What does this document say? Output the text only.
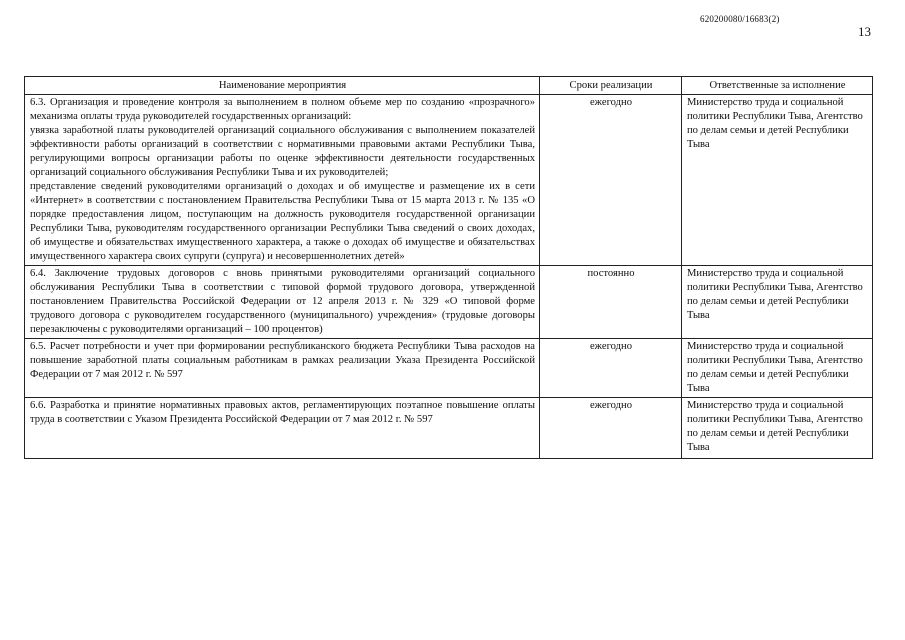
620200080/16683(2)
13
Наименование мероприятия	Сроки реализации	Ответственные за исполнение

6.3. Организация и проведение контроля за выполнением в полном объеме мер по созданию «прозрачного» механизма оплаты труда руководителей государственных организаций:
увязка заработной платы руководителей организаций социального обслуживания с выполнением показателей эффективности работы организаций в соответствии с нормативными правовыми актами Республики Тыва, регулирующими вопросы организации работы по оценке эффективности деятельности государственных организаций социального обслуживания Республики Тыва и их руководителей;
представление сведений руководителями организаций о доходах и об имуществе и размещение их в сети «Интернет» в соответствии с постановлением Правительства Республики Тыва от 15 марта 2013 г. № 135 «О порядке предоставления лицом, поступающим на должность руководителя государственной организации Республики Тыва, руководителям государственного организации Республики Тыва сведений о своих доходах, об имуществе и обязательствах имущественного характера, а также о доходах об имуществе и обязательствах имущественного характера своих супруги (супруга) и несовершеннолетних детей»	ежегодно	Министерство труда и социальной политики Республики Тыва, Агентство по делам семьи и детей Республики Тыва

6.4. Заключение трудовых договоров с вновь принятыми руководителями организаций социального обслуживания Республики Тыва в соответствии с типовой формой трудового договора, утвержденной постановлением Правительства Российской Федерации от 12 апреля 2013 г. № 329 «О типовой форме трудового договора с руководителем государственного (муниципального) учреждения» (трудовые договоры перезаключены с руководителями организаций – 100 процентов)	постоянно	Министерство труда и социальной политики Республики Тыва, Агентство по делам семьи и детей Республики Тыва

6.5. Расчет потребности и учет при формировании республиканского бюджета Республики Тыва расходов на повышение заработной платы социальным работникам в рамках реализации Указа Президента Российской Федерации от 7 мая 2012 г. № 597	ежегодно	Министерство труда и социальной политики Республики Тыва, Агентство по делам семьи и детей Республики Тыва

6.6. Разработка и принятие нормативных правовых актов, регламентирующих поэтапное повышение оплаты труда в соответствии с Указом Президента Российской Федерации от 7 мая 2012 г. № 597	ежегодно	Министерство труда и социальной политики Республики Тыва, Агентство по делам семьи и детей Республики Тыва
